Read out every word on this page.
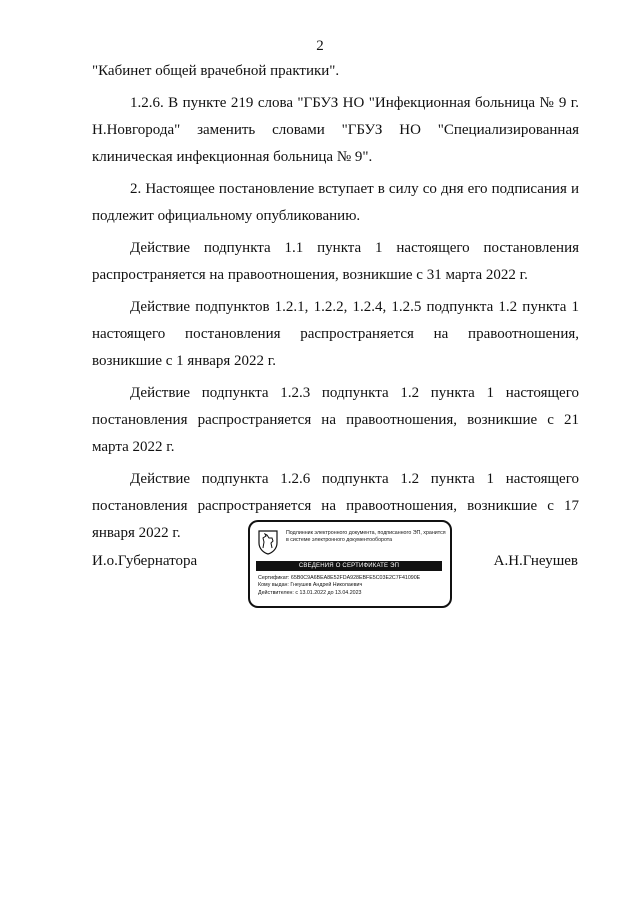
2

"Кабинет общей врачебной практики".

1.2.6. В пункте 219 слова "ГБУЗ НО "Инфекционная больница № 9 г. Н.Новгорода" заменить словами "ГБУЗ НО "Специализированная клиническая инфекционная больница № 9".

2. Настоящее постановление вступает в силу со дня его подписания и подлежит официальному опубликованию.

Действие подпункта 1.1 пункта 1 настоящего постановления распространяется на правоотношения, возникшие с 31 марта 2022 г.

Действие подпунктов 1.2.1, 1.2.2, 1.2.4, 1.2.5 подпункта 1.2 пункта 1 настоящего постановления распространяется на правоотношения, возникшие с 1 января 2022 г.

Действие подпункта 1.2.3 подпункта 1.2 пункта 1 настоящего постановления распространяется на правоотношения, возникшие с 21 марта 2022 г.

Действие подпункта 1.2.6 подпункта 1.2 пункта 1 настоящего постановления распространяется на правоотношения, возникшие с 17 января 2022 г.

И.о.Губернатора	А.Н.Гнеушев
Подлинник электронного документа, подписанного ЭП, хранится в системе электронного документооборота
СВЕДЕНИЯ О СЕРТИФИКАТЕ ЭП
Сертификат: 65B0C9A6BEA8E52FDA928EBFE5C03E2C7F41090E
Кому выдан: Гнеушев Андрей Николаевич
Действителен: с 13.01.2022 до 13.04.2023
